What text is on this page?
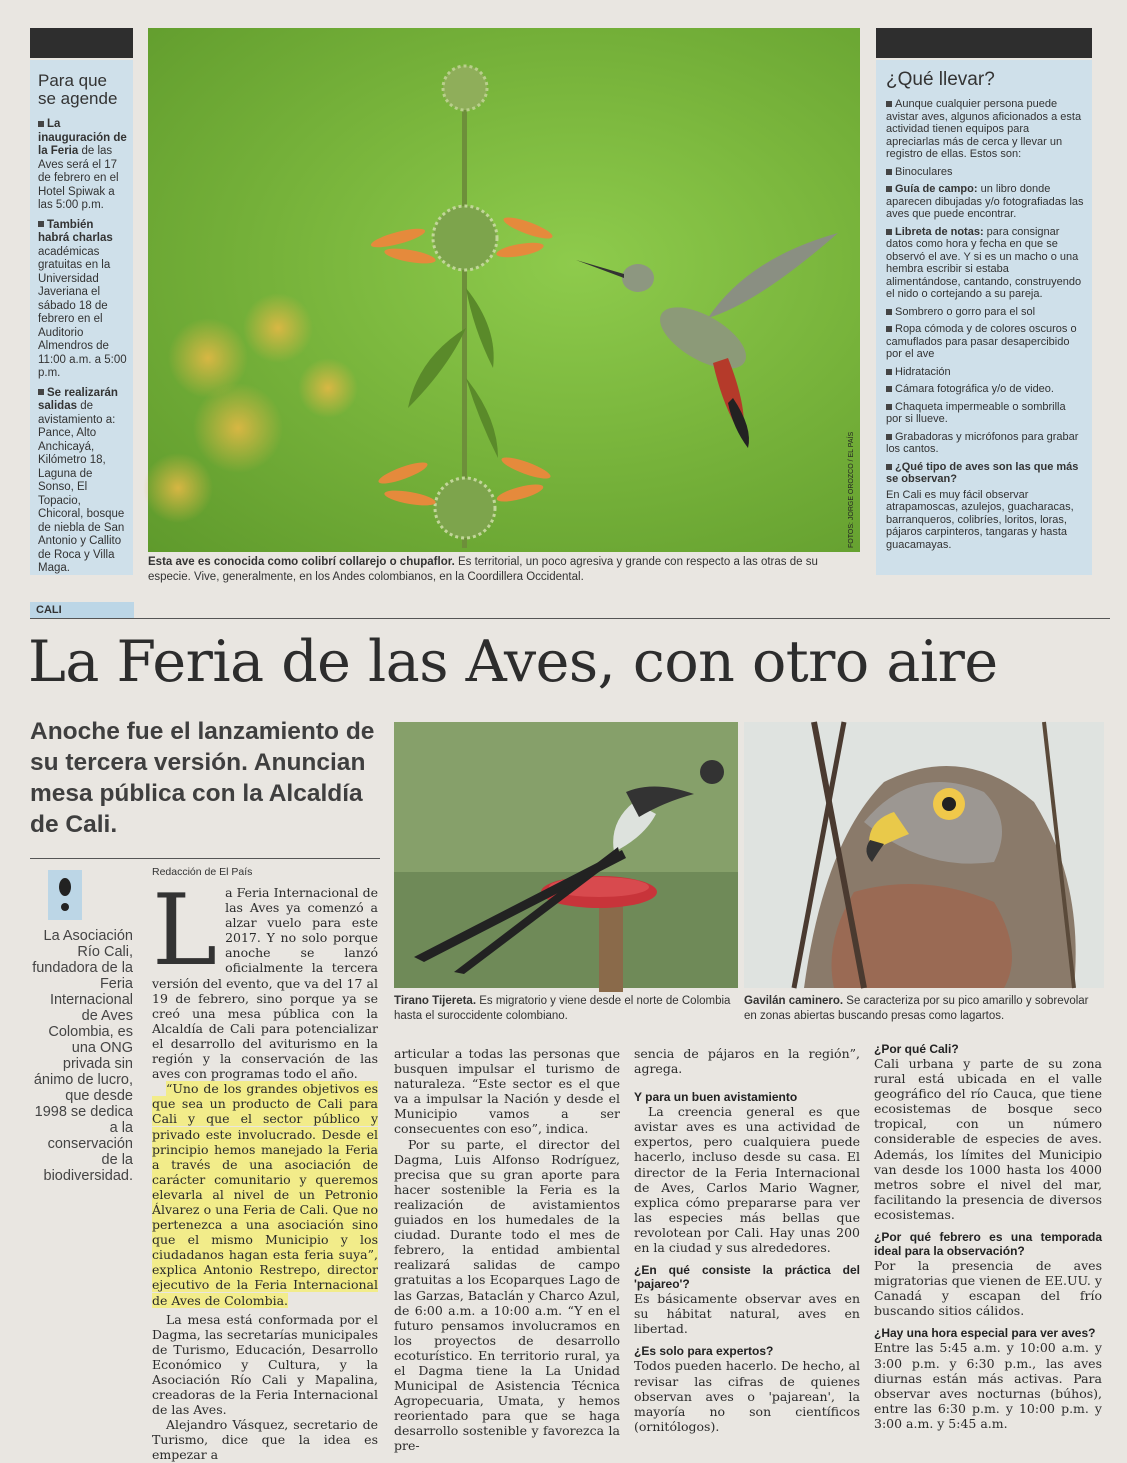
Para que se agende
La inauguración de la Feria de las Aves será el 17 de febrero en el Hotel Spiwak a las 5:00 p.m.
También habrá charlas académicas gratuitas en la Universidad Javeriana el sábado 18 de febrero en el Auditorio Almendros de 11:00 a.m. a 5:00 p.m.
Se realizarán salidas de avistamiento a: Pance, Alto Anchicayá, Kilómetro 18, Laguna de Sonso, El Topacio, Chicoral, bosque de niebla de San Antonio y Callito de Roca y Villa Maga.
FOTOS: JORGE OROZCO / EL PAÍS
Esta ave es conocida como colibrí collarejo o chupaflor. Es territorial, un poco agresiva y grande con respecto a las otras de su especie. Vive, generalmente, en los Andes colombianos, en la Coordillera Occidental.
¿Qué llevar?
Aunque cualquier persona puede avistar aves, algunos aficionados a esta actividad tienen equipos para apreciarlas más de cerca y llevar un registro de ellas. Estos son:
Binoculares
Guía de campo: un libro donde aparecen dibujadas y/o fotografiadas las aves que puede encontrar.
Libreta de notas: para consignar datos como hora y fecha en que se observó el ave. Y si es un macho o una hembra escribir si estaba alimentándose, cantando, construyendo el nido o cortejando a su pareja.
Sombrero o gorro para el sol
Ropa cómoda y de colores oscuros o camuflados para pasar desapercibido por el ave
Hidratación
Cámara fotográfica y/o de video.
Chaqueta impermeable o sombrilla por si llueve.
Grabadoras y micrófonos para grabar los cantos.
¿Qué tipo de aves son las que más se observan?
En Cali es muy fácil observar atrapamoscas, azulejos, guacharacas, barranqueros, colibríes, loritos, loras, pájaros carpinteros, tangaras y hasta guacamayas.
CALI
La Feria de las Aves, con otro aire
Anoche fue el lanzamiento de su tercera versión. Anuncian mesa pública con la Alcaldía de Cali.
Tirano Tijereta. Es migratorio y viene desde el norte de Colombia hasta el suroccidente colombiano.
Gavilán caminero. Se caracteriza por su pico amarillo y sobrevolar en zonas abiertas buscando presas como lagartos.
Redacción de El País
La Asociación Río Cali, fundadora de la Feria Internacional de Aves Colombia, es una ONG privada sin ánimo de lucro, que desde 1998 se dedica a la conservación de la biodiversidad.

La Feria Internacional de las Aves ya comenzó a alzar vuelo para este 2017. Y no solo porque anoche se lanzó oficialmente la tercera versión del evento, que va del 17 al 19 de febrero, sino porque ya se creó una mesa pública con la Alcaldía de Cali para potencializar el desarrollo del aviturismo en la región y la conservación de las aves con programas todo el año.

“Uno de los grandes objetivos es que sea un producto de Cali para Cali y que el sector público y privado este involucrado. Desde el principio hemos manejado la Feria a través de una asociación de carácter comunitario y queremos elevarla al nivel de un Petronio Álvarez o una Feria de Cali. Que no pertenezca a una asociación sino que el mismo Municipio y los ciudadanos hagan esta feria suya”, explica Antonio Restrepo, director ejecutivo de la Feria Internacional de Aves de Colombia.

La mesa está conformada por el Dagma, las secretarías municipales de Turismo, Educación, Desarrollo Económico y Cultura, y la Asociación Río Cali y Mapalina, creadoras de la Feria Internacional de las Aves.

Alejandro Vásquez, secretario de Turismo, dice que la idea es empezar a

articular a todas las personas que busquen impulsar el turismo de naturaleza. “Este sector es el que va a impulsar la Nación y desde el Municipio vamos a ser consecuentes con eso”, indica.

Por su parte, el director del Dagma, Luis Alfonso Rodríguez, precisa que su gran aporte para hacer sostenible la Feria es la realización de avistamientos guiados en los humedales de la ciudad. Durante todo el mes de febrero, la entidad ambiental realizará salidas de campo gratuitas a los Ecoparques Lago de las Garzas, Bataclán y Charco Azul, de 6:00 a.m. a 10:00 a.m. “Y en el futuro pensamos involucramos en los proyectos de desarrollo ecoturístico. En territorio rural, ya el Dagma tiene la La Unidad Municipal de Asistencia Técnica Agropecuaria, Umata, y hemos reorientado para que se haga desarrollo sostenible y favorezca la pre-

sencia de pájaros en la región”, agrega.

Y para un buen avistamiento

La creencia general es que avistar aves es una actividad de expertos, pero cualquiera puede hacerlo, incluso desde su casa. El director de la Feria Internacional de Aves, Carlos Mario Wagner, explica cómo prepararse para ver las especies más bellas que revolotean por Cali. Hay unas 200 en la ciudad y sus alrededores.

¿En qué consiste la práctica del 'pajareo'?

Es básicamente observar aves en su hábitat natural, aves en libertad.

¿Es solo para expertos?

Todos pueden hacerlo. De hecho, al revisar las cifras de quienes observan aves o 'pajarean', la mayoría no son científicos (ornitólogos).

¿Por qué Cali?

Cali urbana y parte de su zona rural está ubicada en el valle geográfico del río Cauca, que tiene ecosistemas de bosque seco tropical, con un número considerable de especies de aves. Además, los límites del Municipio van desde los 1000 hasta los 4000 metros sobre el nivel del mar, facilitando la presencia de diversos ecosistemas.

¿Por qué febrero es una temporada ideal para la observación?

Por la presencia de aves migratorias que vienen de EE.UU. y Canadá y escapan del frío buscando sitios cálidos.

¿Hay una hora especial para ver aves?

Entre las 5:45 a.m. y 10:00 a.m. y 3:00 p.m. y 6:30 p.m., las aves diurnas están más activas. Para observar aves nocturnas (búhos), entre las 6:30 p.m. y 10:00 p.m. y 3:00 a.m. y 5:45 a.m.
